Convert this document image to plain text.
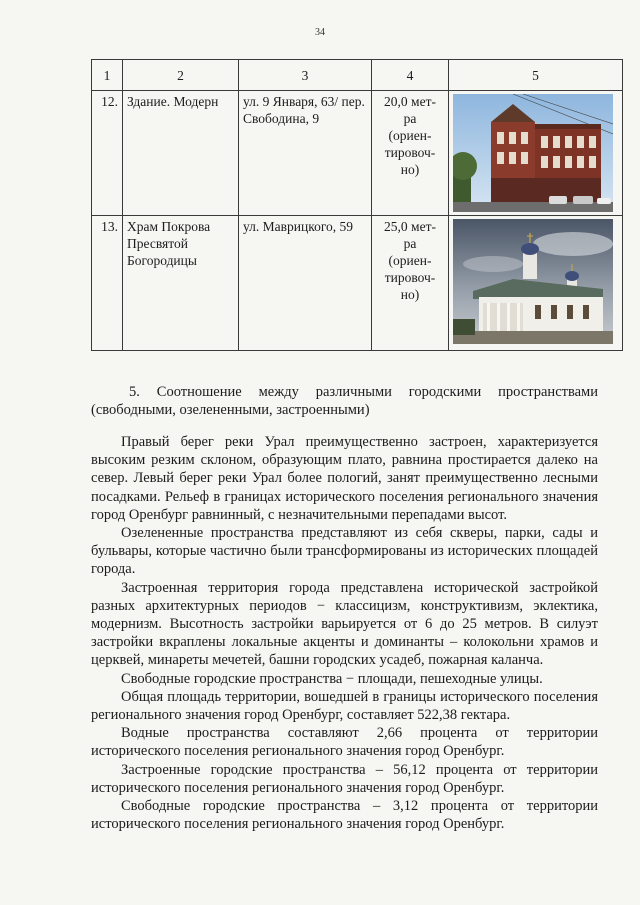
34
1	2	3	4	5
12.	Здание. Модерн	ул. 9 Января, 63/ пер. Свободина, 9	20,0 мет-
ра
(ориен-
тировоч-
но)	

13.	Храм Покрова Пресвятой Богородицы	ул. Маврицкого, 59	25,0 мет-
ра
(ориен-
тировоч-
но)	
5. Соотношение между различными городскими пространствами (свободными, озелененными, застроенными)

Правый берег реки Урал преимущественно застроен, характеризуется высоким резким склоном, образующим плато, равнина простирается далеко на север. Левый берег реки Урал более пологий, занят преимущественно лесными посадками. Рельеф в границах исторического поселения регионального значения город Оренбург равнинный, с незначительными перепадами высот.

Озелененные пространства представляют из себя скверы, парки, сады и бульвары, которые частично были трансформированы из исторических площадей города.

Застроенная территория города представлена исторической застройкой разных архитектурных периодов − классицизм, конструктивизм, эклектика, модернизм. Высотность застройки варьируется от 6 до 25 метров. В силуэт застройки вкраплены локальные акценты и доминанты – колокольни храмов и церквей, минареты мечетей, башни городских усадеб, пожарная каланча.

Свободные городские пространства − площади, пешеходные улицы.

Общая площадь территории, вошедшей в границы исторического поселения регионального значения город Оренбург, составляет 522,38 гектара.

Водные пространства составляют 2,66 процента от территории исторического поселения регионального значения город Оренбург.

Застроенные городские пространства – 56,12 процента от территории исторического поселения регионального значения город Оренбург.

Свободные городские пространства – 3,12 процента от территории исторического поселения регионального значения город Оренбург.
